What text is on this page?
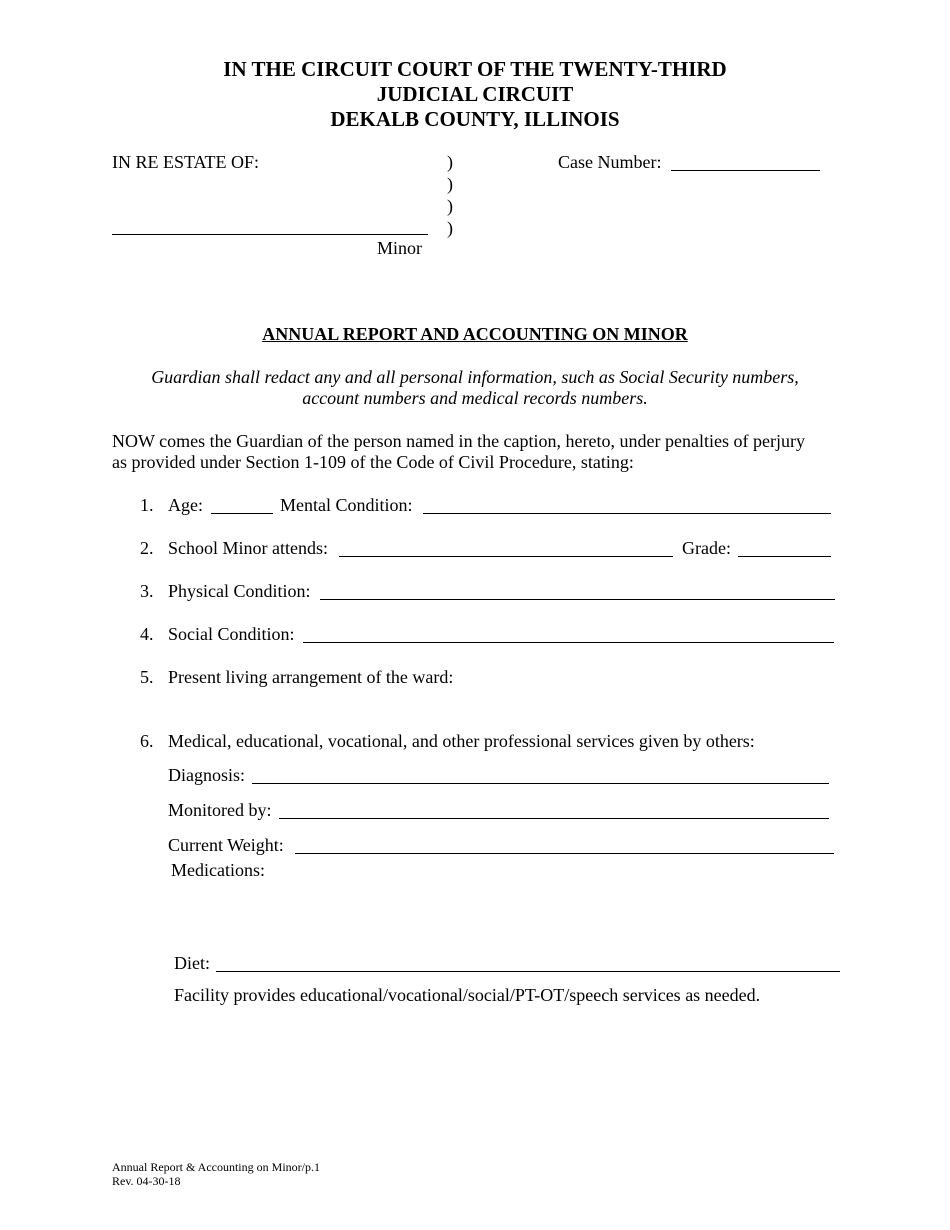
IN THE CIRCUIT COURT OF THE TWENTY-THIRD
JUDICIAL CIRCUIT
DEKALB COUNTY, ILLINOIS
IN RE ESTATE OF:	)
)
)
)
Minor
Case Number:
ANNUAL REPORT AND ACCOUNTING ON MINOR
Guardian shall redact any and all personal information, such as Social Security numbers,
account numbers and medical records numbers.
NOW comes the Guardian of the person named in the caption, hereto, under penalties of perjury
as provided under Section 1-109 of the Code of Civil Procedure, stating:
1. Age:	Mental Condition:
2. School Minor attends:	Grade:
3. Physical Condition:
4. Social Condition:
5. Present living arrangement of the ward:
6. Medical, educational, vocational, and other professional services given by others:
Diagnosis:
Monitored by:
Current Weight:
Medications:
Diet:
Facility provides educational/vocational/social/PT-OT/speech services as needed.
Annual Report & Accounting on Minor/p.1
Rev. 04-30-18
